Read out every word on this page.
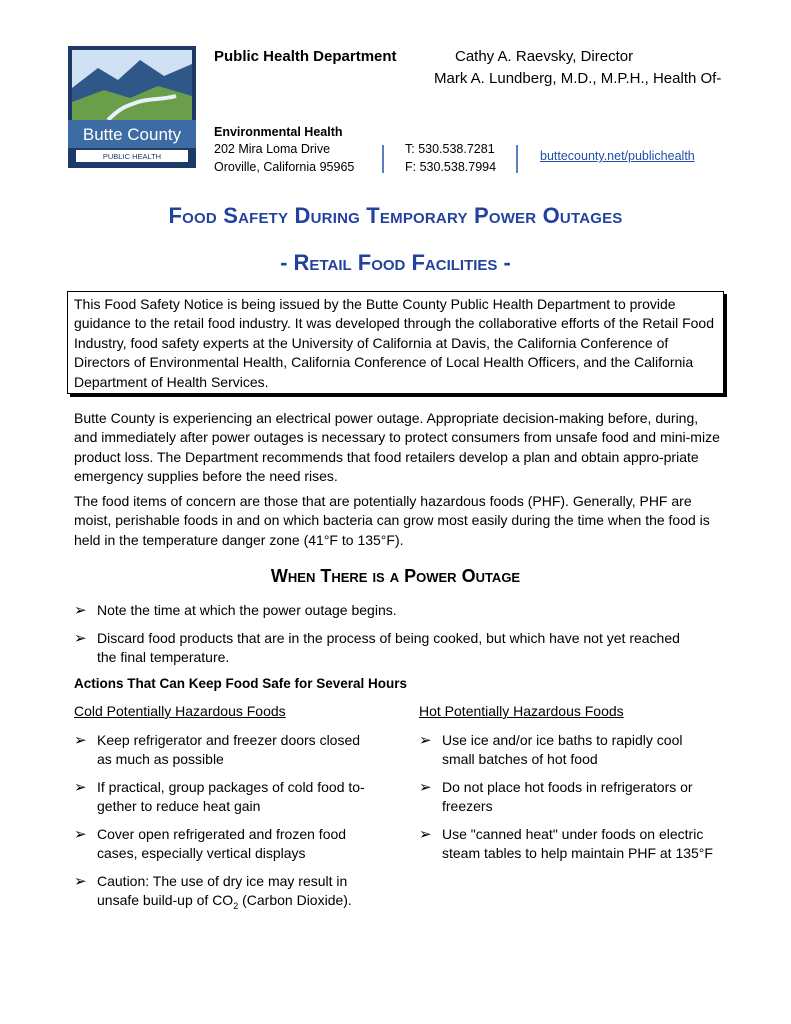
Butte County
PUBLIC HEALTH
Public Health Department	Cathy A. Raevsky, Director
Mark A. Lundberg, M.D., M.P.H., Health Of-
Environmental Health
202 Mira Loma Drive
Oroville, California 95965
T: 530.538.7281
F: 530.538.7994
buttecounty.net/publichealth
Food Safety During Temporary Power Outages
- Retail Food Facilities -
This Food Safety Notice is being issued by the Butte County Public Health Department to provide guidance to the retail food industry. It was developed through the collaborative efforts of the Retail Food Industry, food safety experts at the University of California at Davis, the California Conference of Directors of Environmental Health, California Conference of Local Health Officers, and the California Department of Health Services.
Butte County is experiencing an electrical power outage. Appropriate decision-making before, during, and immediately after power outages is necessary to protect consumers from unsafe food and mini-mize product loss. The Department recommends that food retailers develop a plan and obtain appro-priate emergency supplies before the need rises.
The food items of concern are those that are potentially hazardous foods (PHF). Generally, PHF are moist, perishable foods in and on which bacteria can grow most easily during the time when the food is held in the temperature danger zone (41°F to 135°F).
When There is a Power Outage
➢ Note the time at which the power outage begins.
➢ Discard food products that are in the process of being cooked, but which have not yet reached the final temperature.
Actions That Can Keep Food Safe for Several Hours
Cold Potentially Hazardous Foods	Hot Potentially Hazardous Foods
➢ Keep refrigerator and freezer doors closed as much as possible
➢ If practical, group packages of cold food to-gether to reduce heat gain
➢ Cover open refrigerated and frozen food cases, especially vertical displays
➢ Caution: The use of dry ice may result in unsafe build-up of $CO_2$ (Carbon Dioxide).
➢ Use ice and/or ice baths to rapidly cool small batches of hot food
➢ Do not place hot foods in refrigerators or freezers
➢ Use "canned heat" under foods on electric steam tables to help maintain PHF at 135°F
